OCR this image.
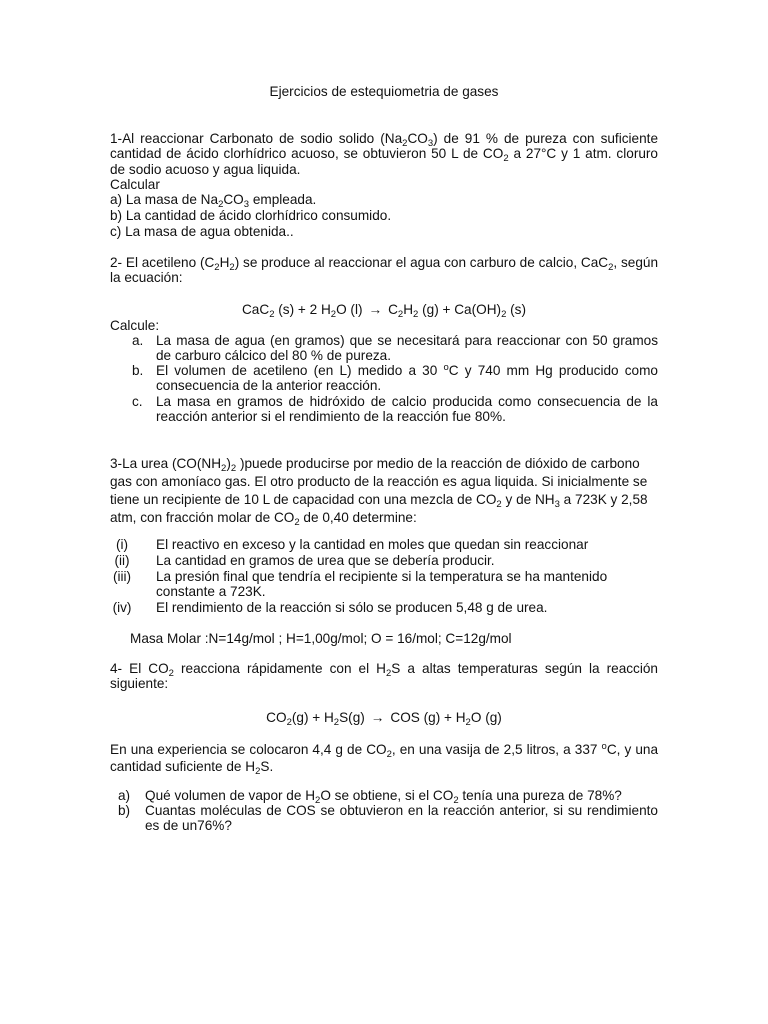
Ejercicios de estequiometria de gases

1-Al reaccionar Carbonato de sodio solido $(Na_2CO_3)$ de 91 % de pureza con suficiente cantidad de ácido clorhídrico acuoso, se obtuvieron 50 L de $CO_2$ a 27°C y 1 atm. cloruro de sodio acuoso y agua liquida.

Calcular

a) La masa de $Na_2CO_3$ empleada.

b) La cantidad de ácido clorhídrico consumido.

c) La masa de agua obtenida..

2- El acetileno $(C_2H_2)$ se produce al reaccionar el agua con carburo de calcio, CaC$_2$, según la ecuación:

CaC$_2$ (s) + 2 $H_2O$ $(l) \to C_2H_2$ $(g) + Ca(OH)_2$ (s)

Calcule:

a. La masa de agua (en gramos) que se necesitará para reaccionar con 50 gramos de carburo cálcico del 80 % de pureza.

b. El volumen de acetileno (en L) medido a 30 $^o$C y 740 mm Hg producido como consecuencia de la anterior reacción.

c. La masa en gramos de hidróxido de calcio producida como consecuencia de la reacción anterior si el rendimiento de la reacción fue 80%.

3-La urea ($CO(NH_2)_2$ )puede producirse por medio de la reacción de dióxido de carbono gas con amoníaco gas. El otro producto de la reacción es agua liquida. Si inicialmente se tiene un recipiente de 10 L de capacidad con una mezcla de $CO_2$ y de $NH_3$ a 723K y 2,58 atm, con fracción molar de $CO_2$ de 0,40 determine:

(i)	El reactivo en exceso y la cantidad en moles que quedan sin reaccionar

(ii)	La cantidad en gramos de urea que se debería producir.

(iii)	La presión final que tendría el recipiente si la temperatura se ha mantenido constante a 723K.

(iv)	El rendimiento de la reacción si sólo se producen 5,48 g de urea.

Masa Molar :N=14g/mol ; H=1,00g/mol; O = 16/mol; C=12g/mol

4- El $CO_2$ reacciona rápidamente con el $H_2S$ a altas temperaturas según la reacción siguiente:

$CO_2(g) + H_2S(g)$ → COS $(g) + H_2O$ (g)

En una experiencia se colocaron 4,4 g de $CO_2$, en una vasija de 2,5 litros, a 337 $^o$C, y una cantidad suficiente de $H_2S$.

a) Qué volumen de vapor de $H_2O$ se obtiene, si el $CO_2$ tenía una pureza de 78%?

b) Cuantas moléculas de COS se obtuvieron en la reacción anterior, si su rendimiento es de un76%?
